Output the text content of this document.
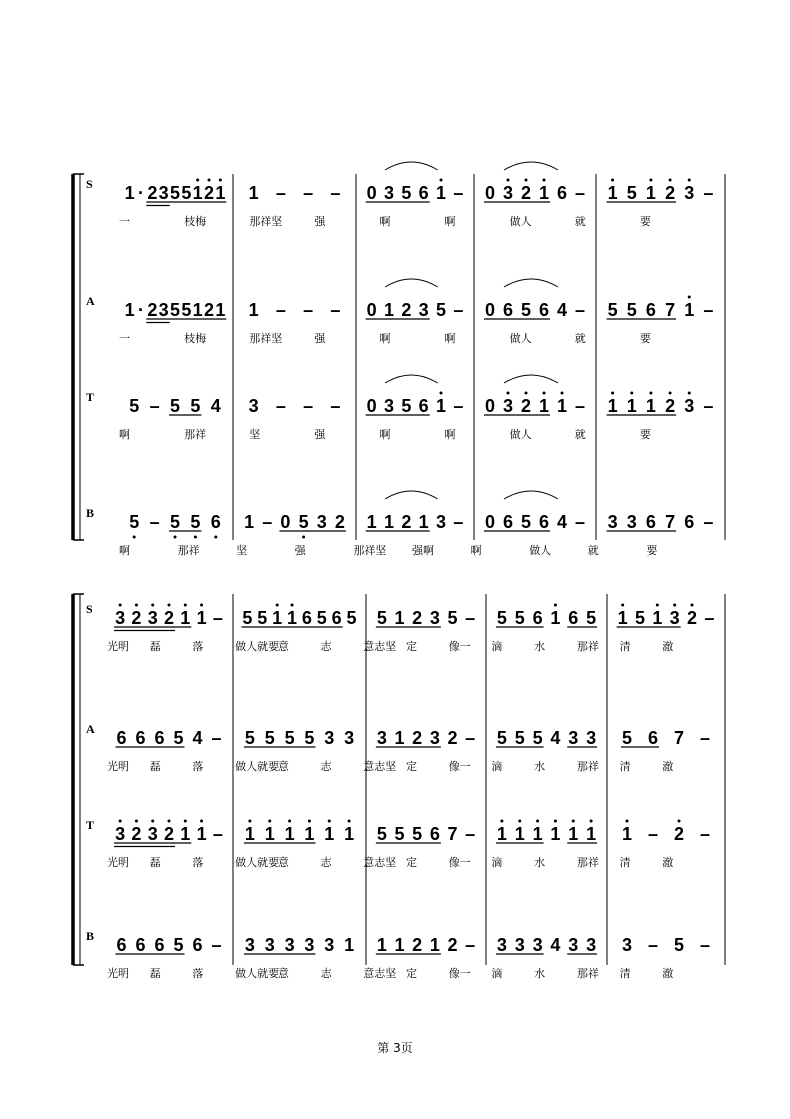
S 1 · 2 3 5 5 1 2 1 1 – – – 0 3 5 6 1 – 0 3 2 1 6 – 1 5 1 2 3 –
一	枝梅	那祥坚	强	啊	啊	做人	就	要
A 1 · 2 3 5 5 1 2 1 1 – – – 0 1 2 3 5 – 0 6 5 6 4 – 5 5 6 7 1 –
一	枝梅	那祥坚	强	啊	啊	做人	就	要
T 5 – 5 5 4 3 – – – 0 3 5 6 1 – 0 3 2 1 1 – 1 1 1 2 3 –
啊	那祥	坚	强	啊	啊	做人	就	要
B 5 – 5 5 6 1 – 0 5 3 2 1 1 2 1 3 – 0 6 5 6 4 – 3 3 6 7 6 –
啊	那祥	坚	强	那祥坚 强啊	啊	做人	就	要
S 3 2 3 2 1 1 – 5 5 1 1 6 5 6 5 5 1 2 3 5 – 5 5 6 1 6 5 1 5 1 3 2 –
光明 磊	落	做人就要
意	志	意志坚 定	像一 滴	水	那祥 清	澈
A 6 6 6 5 4 – 5 5 5 5 3 3 3 1 2 3 2 – 5 5 5 4 3 3 5 6 7 –
光明 磊	落	做人就要
意	志	意志坚 定	像一 滴	水	那祥 清	澈
T 3 2 3 2 1 1 – 1 1 1 1 1 1 5 5 5 6 7 – 1 1 1 1 1 1 1 – 2 –
光明 磊	落	做人就要
意	志	意志坚 定	像一 滴	水	那祥 清	澈
B 6 6 6 5 6 – 3 3 3 3 3 1 1 1 2 1 2 – 3 3 3 4 3 3 3 – 5 –
光明 磊	落	做人就要
意	志	意志坚 定	像一 滴	水	那祥 清	澈
第 3页
